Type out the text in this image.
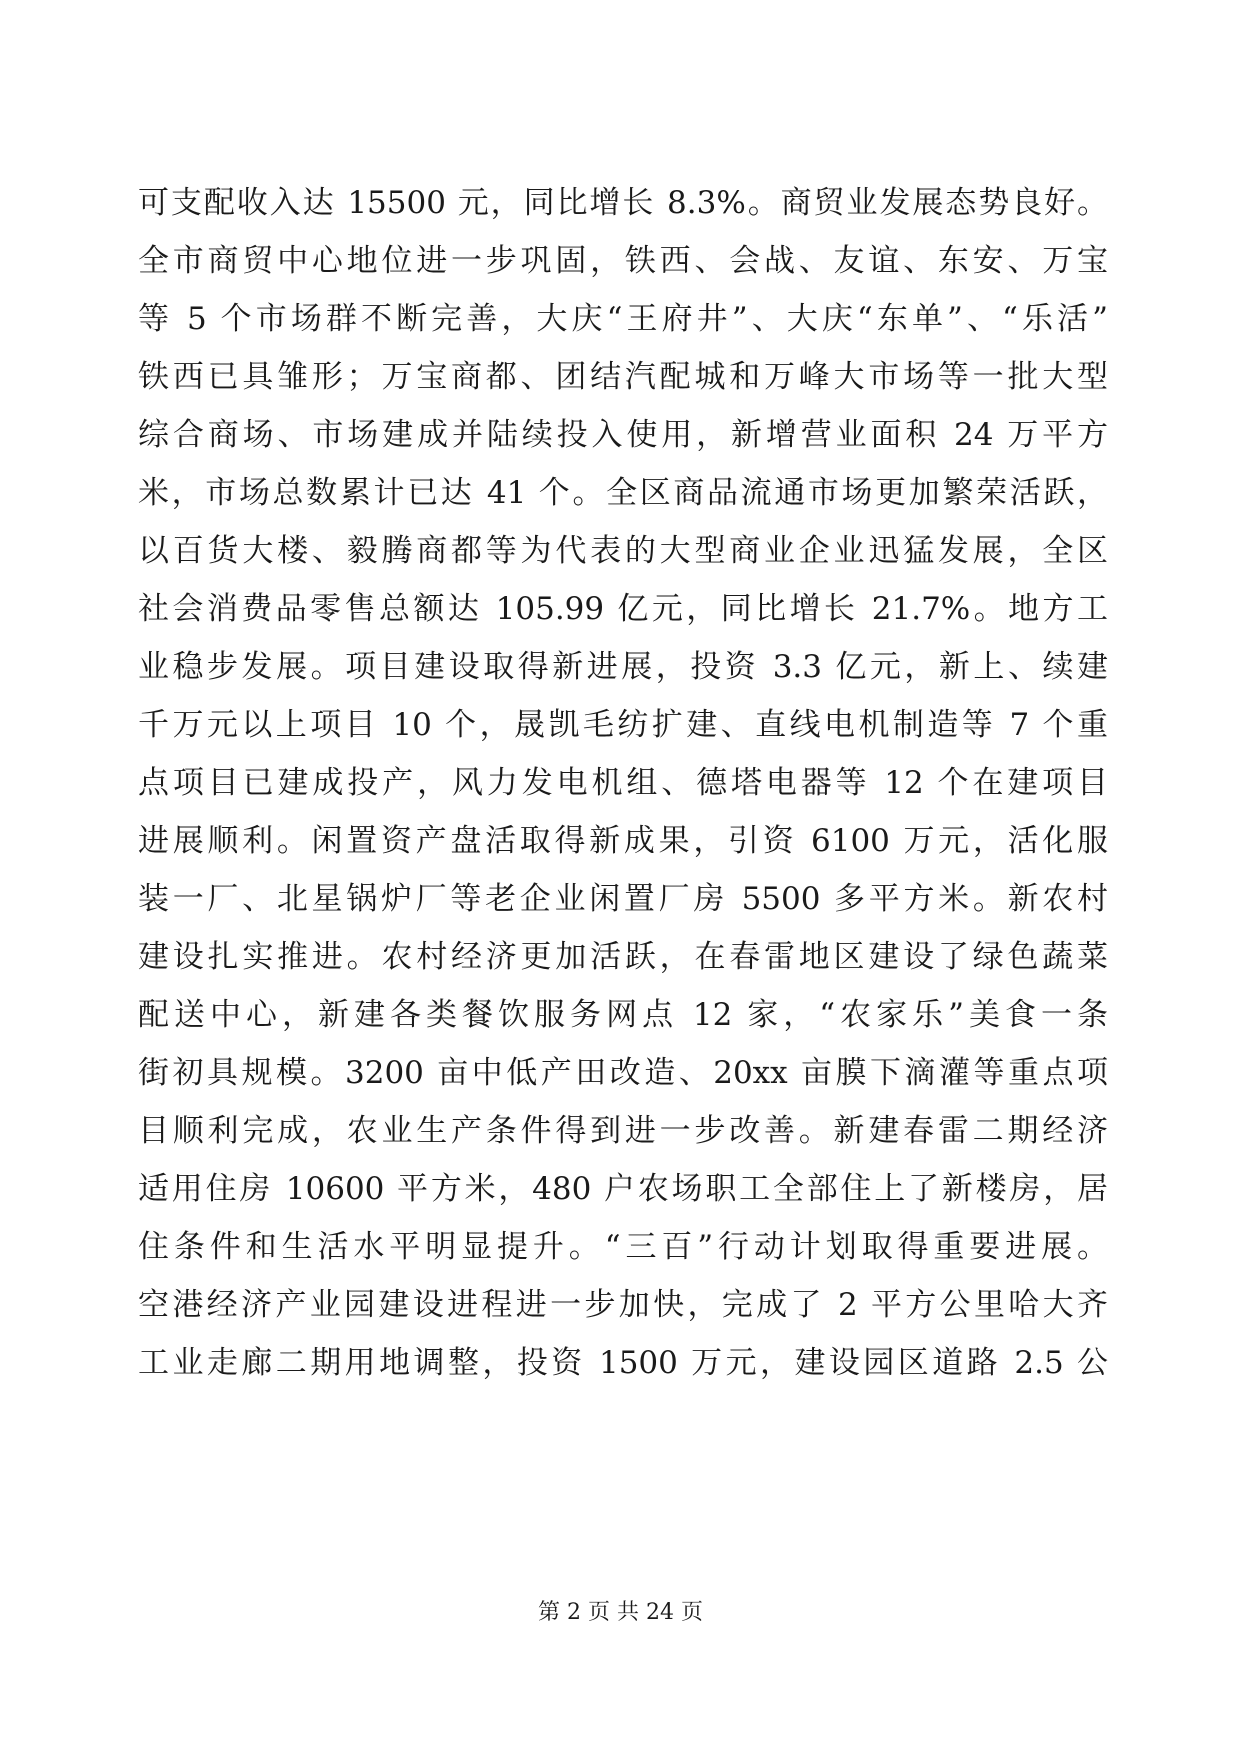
可支配收入达 15500 元，同比增长 8.3%。商贸业发展态势良好。
全市商贸中心地位进一步巩固，铁西、会战、友谊、东安、万宝
等 5 个市场群不断完善，大庆“王府井”、大庆“东单”、“乐活”
铁西已具雏形；万宝商都、团结汽配城和万峰大市场等一批大型
综合商场、市场建成并陆续投入使用，新增营业面积 24 万平方
米，市场总数累计已达 41 个。全区商品流通市场更加繁荣活跃，
以百货大楼、毅腾商都等为代表的大型商业企业迅猛发展，全区
社会消费品零售总额达 105.99 亿元，同比增长 21.7%。地方工
业稳步发展。项目建设取得新进展，投资 3.3 亿元，新上、续建
千万元以上项目 10 个，晟凯毛纺扩建、直线电机制造等 7 个重
点项目已建成投产，风力发电机组、德塔电器等 12 个在建项目
进展顺利。闲置资产盘活取得新成果，引资 6100 万元，活化服
装一厂、北星锅炉厂等老企业闲置厂房 5500 多平方米。新农村
建设扎实推进。农村经济更加活跃，在春雷地区建设了绿色蔬菜
配送中心，新建各类餐饮服务网点 12 家，“农家乐”美食一条
街初具规模。3200 亩中低产田改造、20xx 亩膜下滴灌等重点项
目顺利完成，农业生产条件得到进一步改善。新建春雷二期经济
适用住房 10600 平方米，480 户农场职工全部住上了新楼房，居
住条件和生活水平明显提升。“三百”行动计划取得重要进展。
空港经济产业园建设进程进一步加快，完成了 2 平方公里哈大齐
工业走廊二期用地调整，投资 1500 万元，建设园区道路 2.5 公
第 2 页 共 24 页
